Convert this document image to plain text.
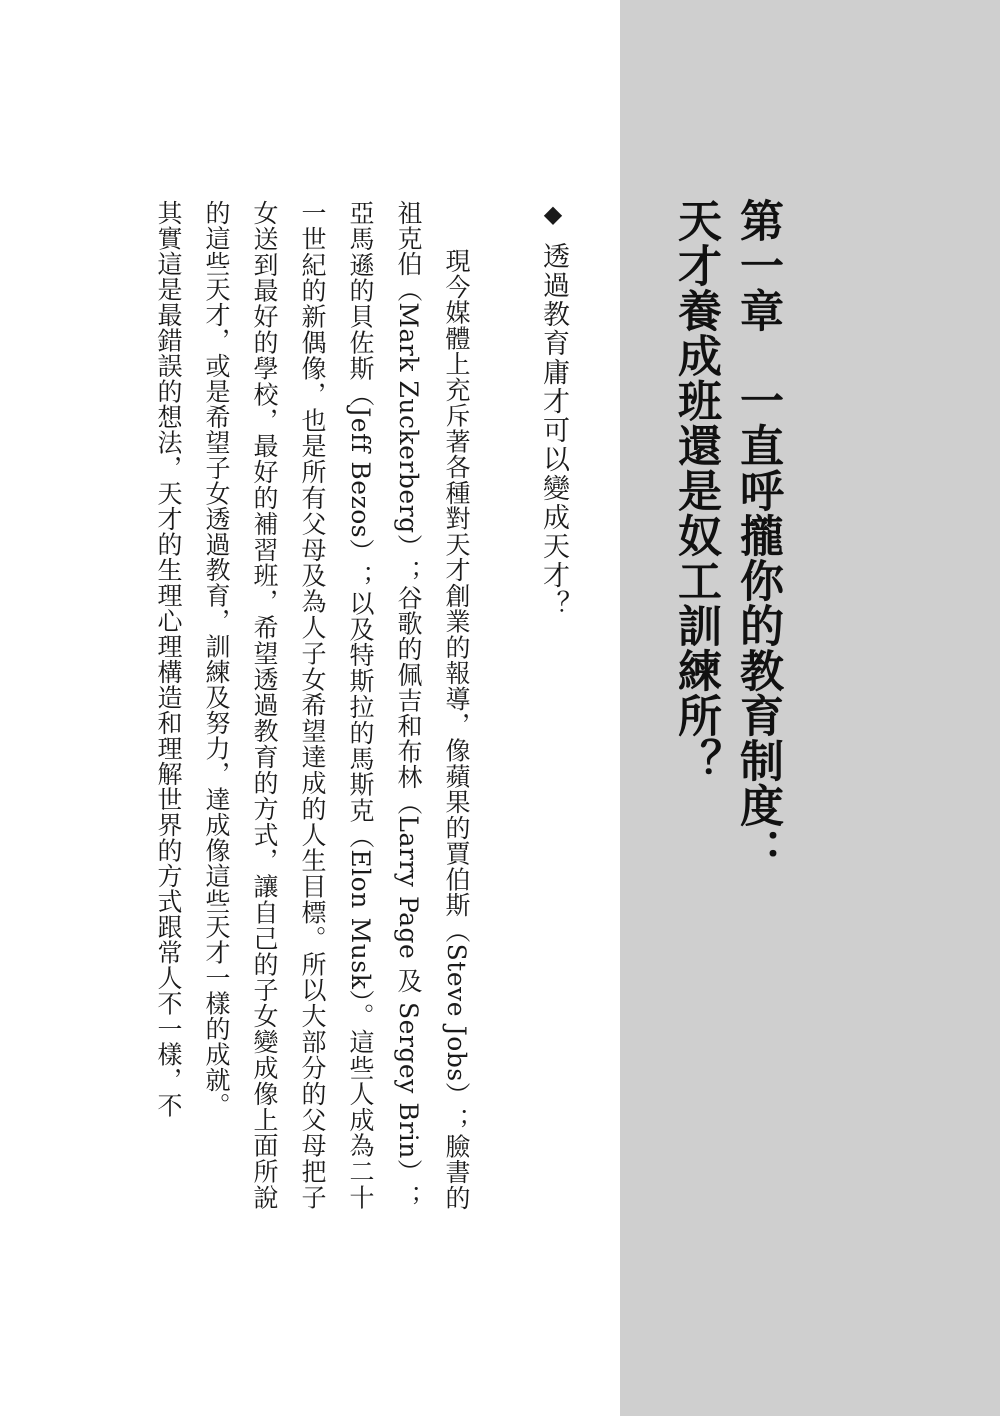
第一章　一直呼攏你的教育制度：
天才養成班還是奴工訓練所？
◆透過教育庸才可以變成天才？

現今媒體上充斥著各種對天才創業的報導，像蘋果的賈伯斯（Steve Jobs）；臉書的祖克伯（Mark Zuckerberg）；谷歌的佩吉和布林（Larry Page 及 Sergey Brin）；亞馬遜的貝佐斯（Jeff Bezos）；以及特斯拉的馬斯克（Elon Musk）。這些人成為二十一世紀的新偶像，也是所有父母及為人子女希望達成的人生目標。所以大部分的父母把子女送到最好的學校，最好的補習班，希望透過教育的方式，讓自己的子女變成像上面所說的這些天才，或是希望子女透過教育，訓練及努力，達成像這些天才一樣的成就。

其實這是最錯誤的想法，天才的生理心理構造和理解世界的方式跟常人不一樣，不
